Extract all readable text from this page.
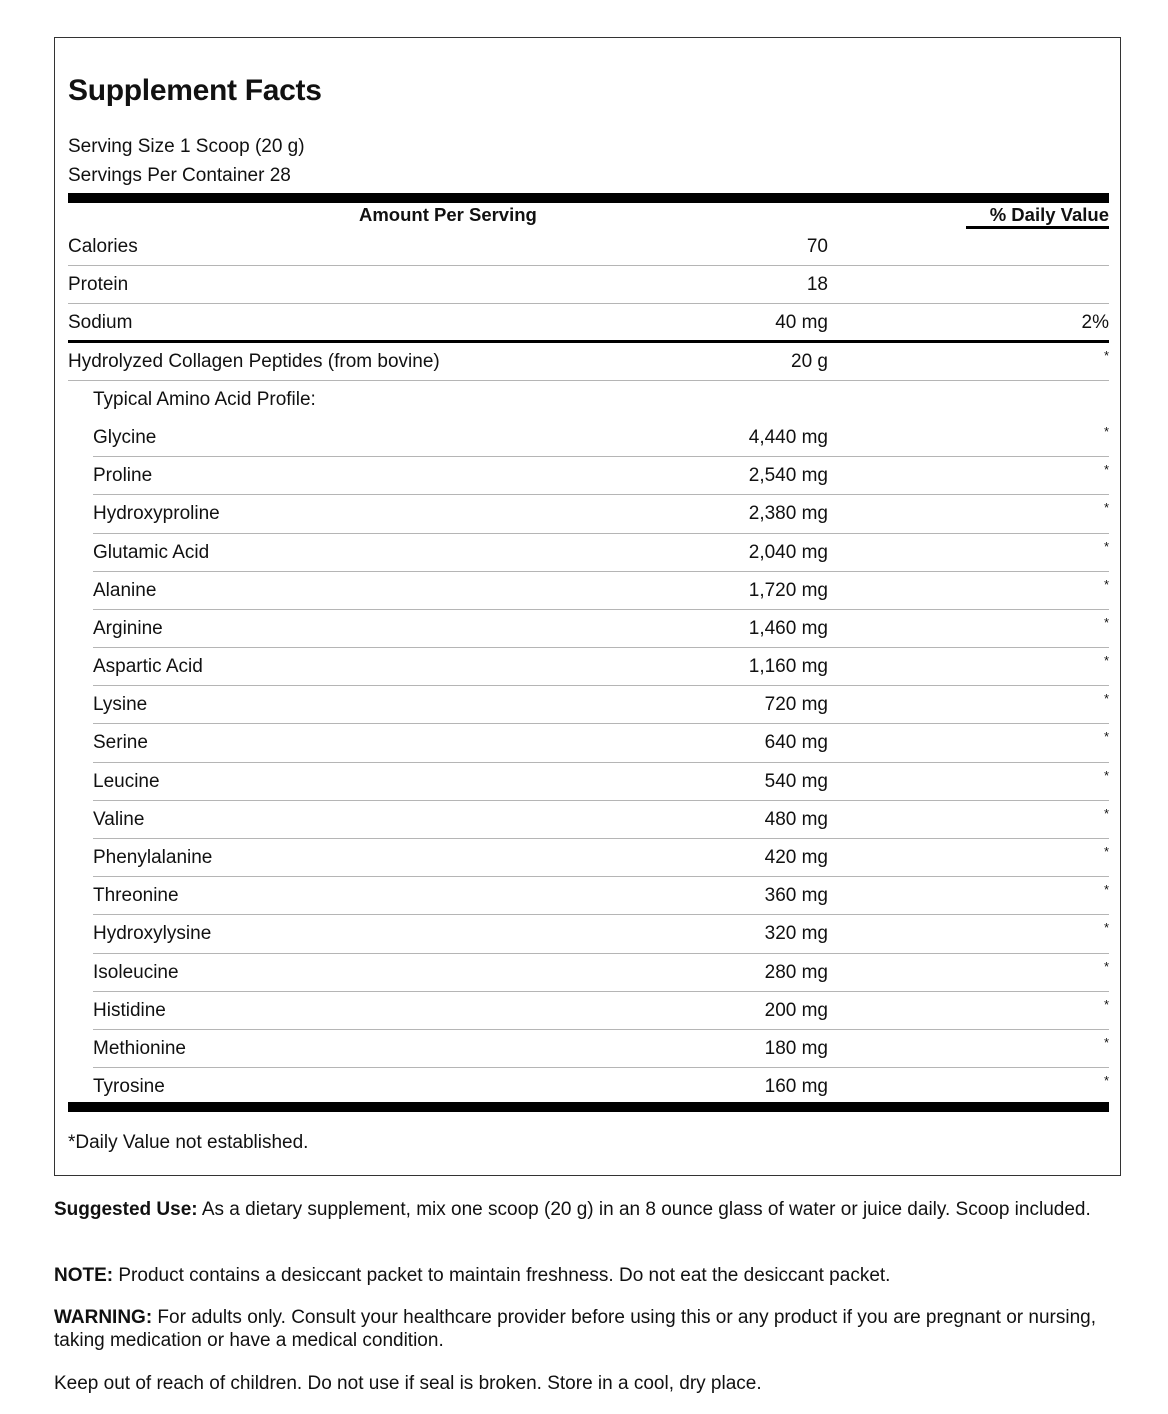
Supplement Facts
Serving Size 1 Scoop (20 g)
Servings Per Container 28
Amount Per Serving	% Daily Value
Calories	70
Protein	18
Sodium	40 mg	2%
Hydrolyzed Collagen Peptides (from bovine)	20 g	*
Typical Amino Acid Profile:
Glycine	4,440 mg	*
Proline	2,540 mg	*
Hydroxyproline	2,380 mg	*
Glutamic Acid	2,040 mg	*
Alanine	1,720 mg	*
Arginine	1,460 mg	*
Aspartic Acid	1,160 mg	*
Lysine	720 mg	*
Serine	640 mg	*
Leucine	540 mg	*
Valine	480 mg	*
Phenylalanine	420 mg	*
Threonine	360 mg	*
Hydroxylysine	320 mg	*
Isoleucine	280 mg	*
Histidine	200 mg	*
Methionine	180 mg	*
Tyrosine	160 mg	*
*Daily Value not established.
Suggested Use: As a dietary supplement, mix one scoop (20 g) in an 8 ounce glass of water or juice daily. Scoop included.
NOTE: Product contains a desiccant packet to maintain freshness. Do not eat the desiccant packet.
WARNING: For adults only. Consult your healthcare provider before using this or any product if you are pregnant or nursing, taking medication or have a medical condition.
Keep out of reach of children. Do not use if seal is broken. Store in a cool, dry place.
